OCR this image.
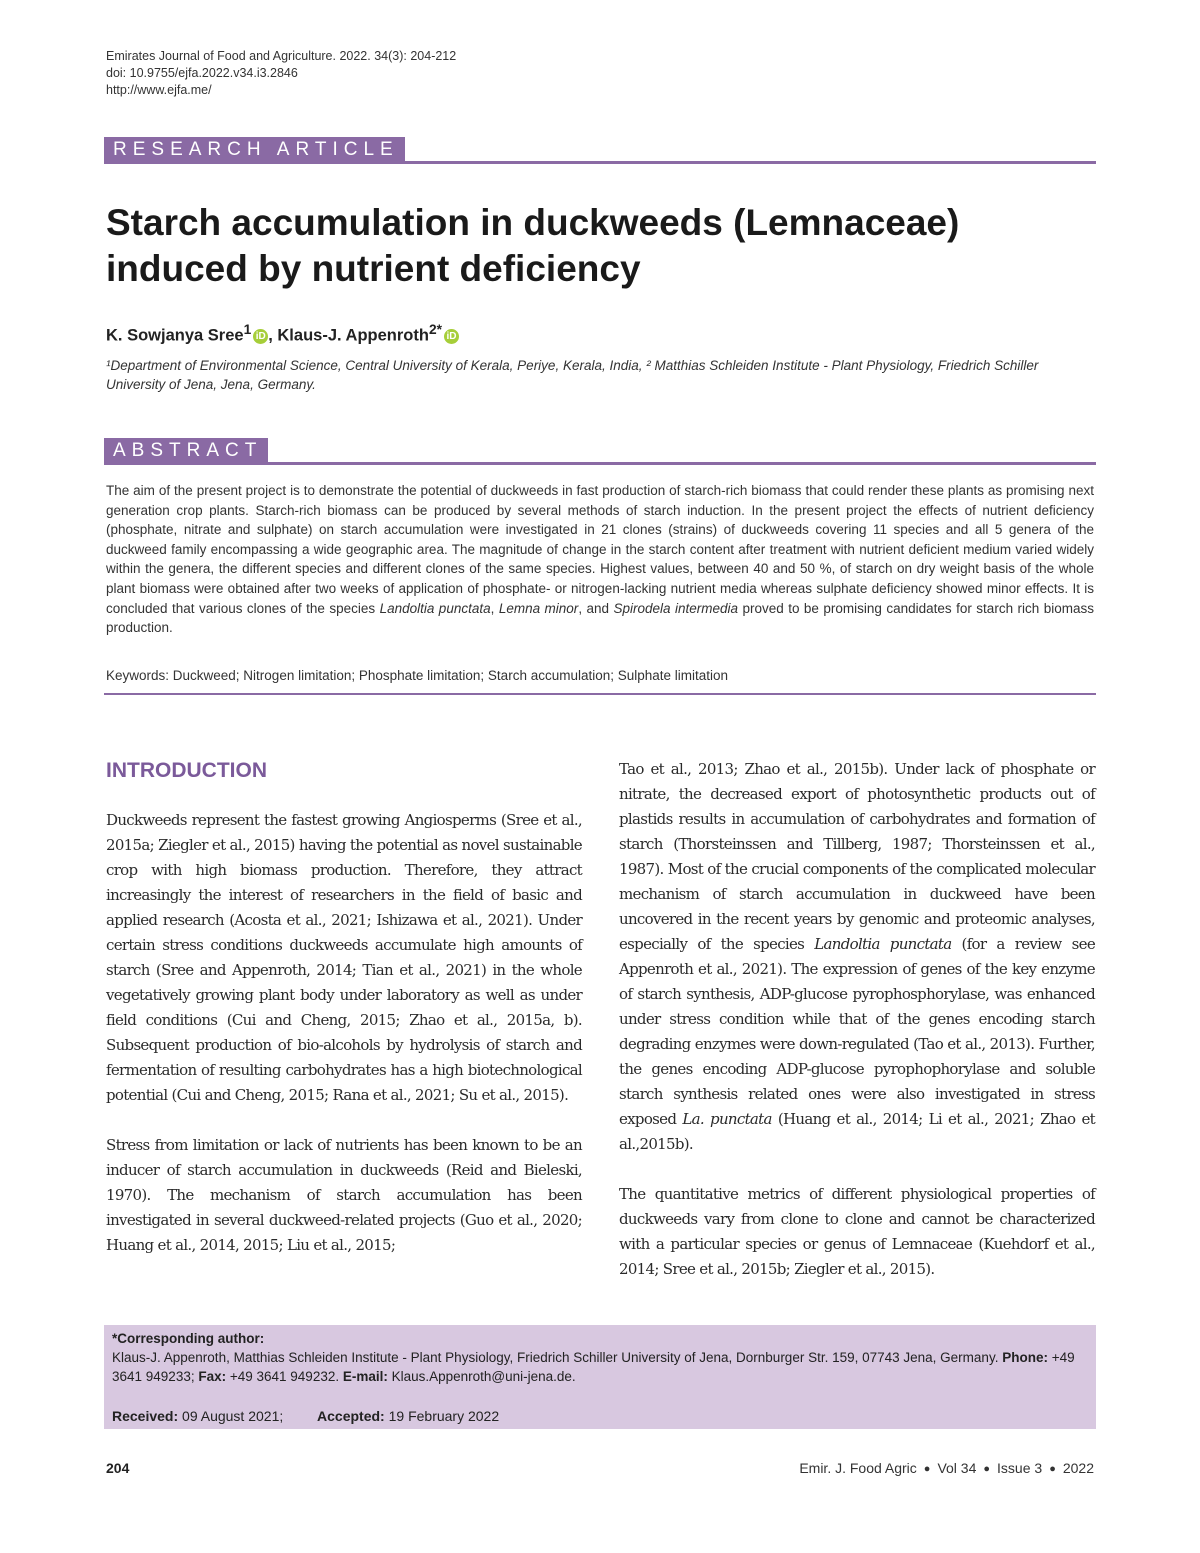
Emirates Journal of Food and Agriculture. 2022. 34(3): 204-212
doi: 10.9755/ejfa.2022.v34.i3.2846
http://www.ejfa.me/
RESEARCH ARTICLE
Starch accumulation in duckweeds (Lemnaceae) induced by nutrient deficiency
K. Sowjanya Sree$^1$ iD , Klaus-J. Appenroth$^{2*}$ iD
¹Department of Environmental Science, Central University of Kerala, Periye, Kerala, India, ² Matthias Schleiden Institute - Plant Physiology, Friedrich Schiller University of Jena, Jena, Germany.
ABSTRACT
The aim of the present project is to demonstrate the potential of duckweeds in fast production of starch-rich biomass that could render these plants as promising next generation crop plants. Starch-rich biomass can be produced by several methods of starch induction. In the present project the effects of nutrient deficiency (phosphate, nitrate and sulphate) on starch accumulation were investigated in 21 clones (strains) of duckweeds covering 11 species and all 5 genera of the duckweed family encompassing a wide geographic area. The magnitude of change in the starch content after treatment with nutrient deficient medium varied widely within the genera, the different species and different clones of the same species. Highest values, between 40 and 50 %, of starch on dry weight basis of the whole plant biomass were obtained after two weeks of application of phosphate- or nitrogen-lacking nutrient media whereas sulphate deficiency showed minor effects. It is concluded that various clones of the species Landoltia punctata, Lemna minor, and Spirodela intermedia proved to be promising candidates for starch rich biomass production.
Keywords: Duckweed; Nitrogen limitation; Phosphate limitation; Starch accumulation; Sulphate limitation
INTRODUCTION

Duckweeds represent the fastest growing Angiosperms (Sree et al., 2015a; Ziegler et al., 2015) having the potential as novel sustainable crop with high biomass production. Therefore, they attract increasingly the interest of researchers in the field of basic and applied research (Acosta et al., 2021; Ishizawa et al., 2021). Under certain stress conditions duckweeds accumulate high amounts of starch (Sree and Appenroth, 2014; Tian et al., 2021) in the whole vegetatively growing plant body under laboratory as well as under field conditions (Cui and Cheng, 2015; Zhao et al., 2015a, b). Subsequent production of bio-alcohols by hydrolysis of starch and fermentation of resulting carbohydrates has a high biotechnological potential (Cui and Cheng, 2015; Rana et al., 2021; Su et al., 2015).

Stress from limitation or lack of nutrients has been known to be an inducer of starch accumulation in duckweeds (Reid and Bieleski, 1970). The mechanism of starch accumulation has been investigated in several duckweed-related projects (Guo et al., 2020; Huang et al., 2014, 2015; Liu et al., 2015;

Tao et al., 2013; Zhao et al., 2015b). Under lack of phosphate or nitrate, the decreased export of photosynthetic products out of plastids results in accumulation of carbohydrates and formation of starch (Thorsteinssen and Tillberg, 1987; Thorsteinssen et al., 1987). Most of the crucial components of the complicated molecular mechanism of starch accumulation in duckweed have been uncovered in the recent years by genomic and proteomic analyses, especially of the species Landoltia punctata (for a review see Appenroth et al., 2021). The expression of genes of the key enzyme of starch synthesis, ADP-glucose pyrophosphorylase, was enhanced under stress condition while that of the genes encoding starch degrading enzymes were down-regulated (Tao et al., 2013). Further, the genes encoding ADP-glucose pyrophophorylase and soluble starch synthesis related ones were also investigated in stress exposed La. punctata (Huang et al., 2014; Li et al., 2021; Zhao et al.,2015b).

The quantitative metrics of different physiological properties of duckweeds vary from clone to clone and cannot be characterized with a particular species or genus of Lemnaceae (Kuehdorf et al., 2014; Sree et al., 2015b; Ziegler et al., 2015).

*Corresponding author:
Klaus-J. Appenroth, Matthias Schleiden Institute - Plant Physiology, Friedrich Schiller University of Jena, Dornburger Str. 159, 07743 Jena, Germany. Phone: +49 3641 949233; Fax: +49 3641 949232. E-mail: Klaus.Appenroth@uni-jena.de.
Received: 09 August 2021; Accepted: 19 February 2022
204	Emir. J. Food Agric ● Vol 34 ● Issue 3 ● 2022
